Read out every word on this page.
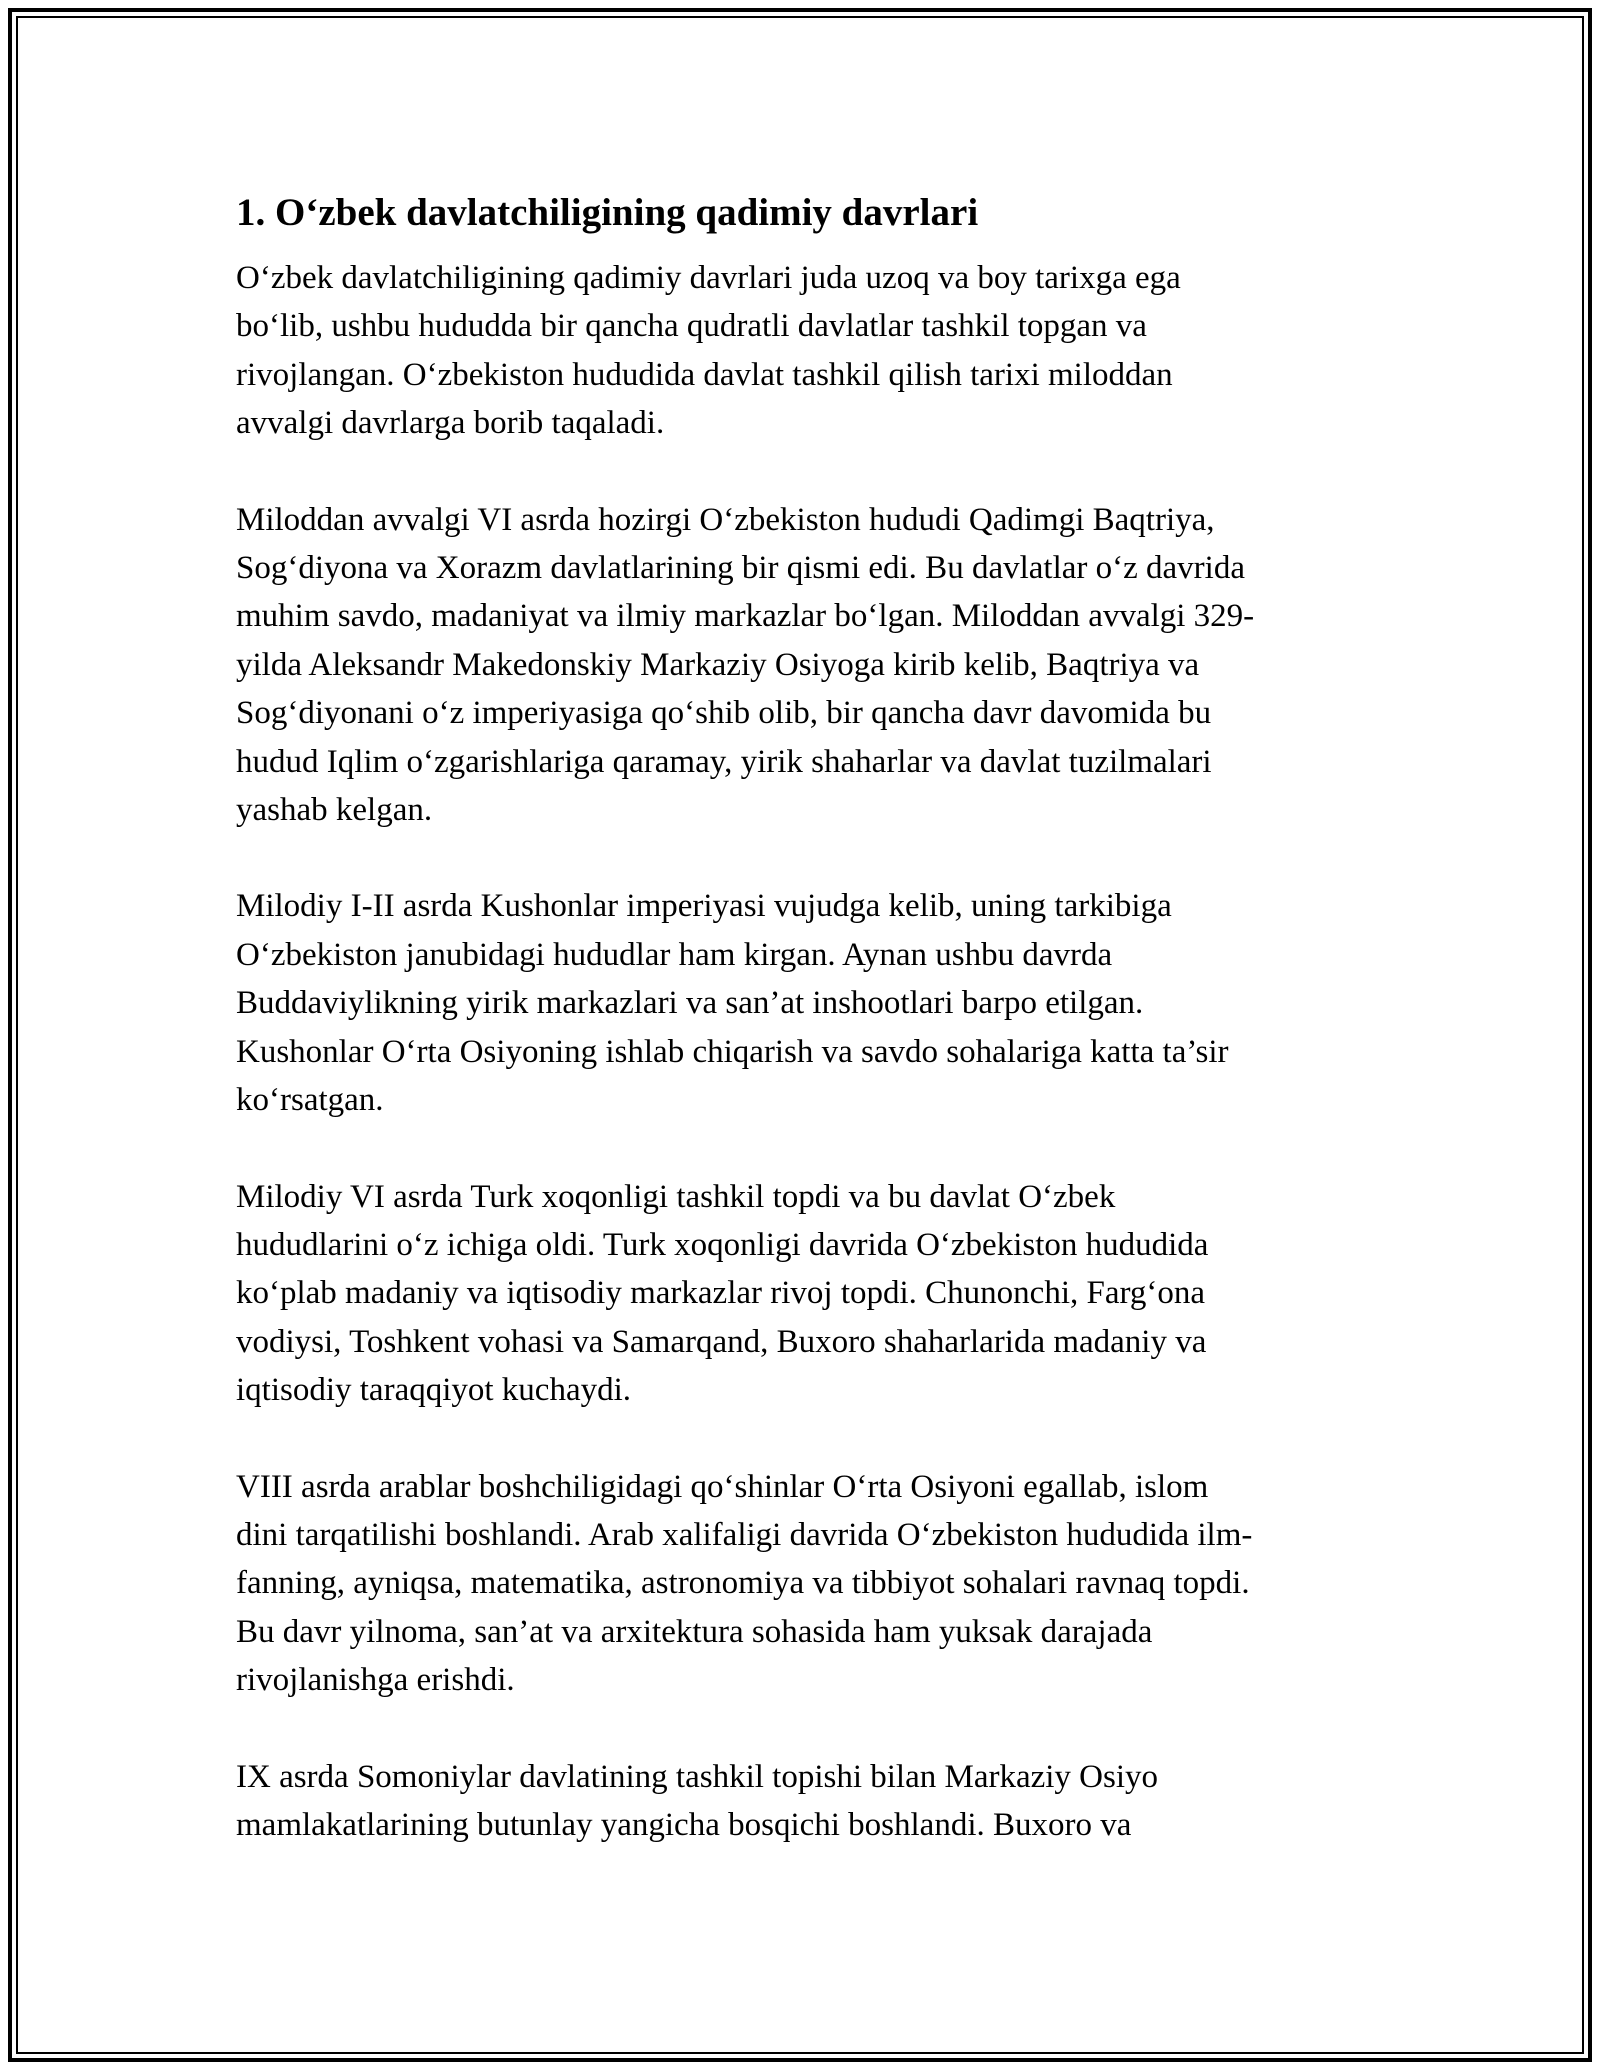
1. O‘zbek davlatchiligining qadimiy davrlari
O‘zbek davlatchiligining qadimiy davrlari juda uzoq va boy tarixga ega
bo‘lib, ushbu hududda bir qancha qudratli davlatlar tashkil topgan va
rivojlangan. O‘zbekiston hududida davlat tashkil qilish tarixi miloddan
avvalgi davrlarga borib taqaladi.
Miloddan avvalgi VI asrda hozirgi O‘zbekiston hududi Qadimgi Baqtriya,
Sog‘diyona va Xorazm davlatlarining bir qismi edi. Bu davlatlar o‘z davrida
muhim savdo, madaniyat va ilmiy markazlar bo‘lgan. Miloddan avvalgi 329-
yilda Aleksandr Makedonskiy Markaziy Osiyoga kirib kelib, Baqtriya va
Sog‘diyonani o‘z imperiyasiga qo‘shib olib, bir qancha davr davomida bu
hudud Iqlim o‘zgarishlariga qaramay, yirik shaharlar va davlat tuzilmalari
yashab kelgan.
Milodiy I-II asrda Kushonlar imperiyasi vujudga kelib, uning tarkibiga
O‘zbekiston janubidagi hududlar ham kirgan. Aynan ushbu davrda
Buddaviylikning yirik markazlari va san’at inshootlari barpo etilgan.
Kushonlar O‘rta Osiyoning ishlab chiqarish va savdo sohalariga katta ta’sir
ko‘rsatgan.
Milodiy VI asrda Turk xoqonligi tashkil topdi va bu davlat O‘zbek
hududlarini o‘z ichiga oldi. Turk xoqonligi davrida O‘zbekiston hududida
ko‘plab madaniy va iqtisodiy markazlar rivoj topdi. Chunonchi, Farg‘ona
vodiysi, Toshkent vohasi va Samarqand, Buxoro shaharlarida madaniy va
iqtisodiy taraqqiyot kuchaydi.
VIII asrda arablar boshchiligidagi qo‘shinlar O‘rta Osiyoni egallab, islom
dini tarqatilishi boshlandi. Arab xalifaligi davrida O‘zbekiston hududida ilm-
fanning, ayniqsa, matematika, astronomiya va tibbiyot sohalari ravnaq topdi.
Bu davr yilnoma, san’at va arxitektura sohasida ham yuksak darajada
rivojlanishga erishdi.
IX asrda Somoniylar davlatining tashkil topishi bilan Markaziy Osiyo
mamlakatlarining butunlay yangicha bosqichi boshlandi. Buxoro va
